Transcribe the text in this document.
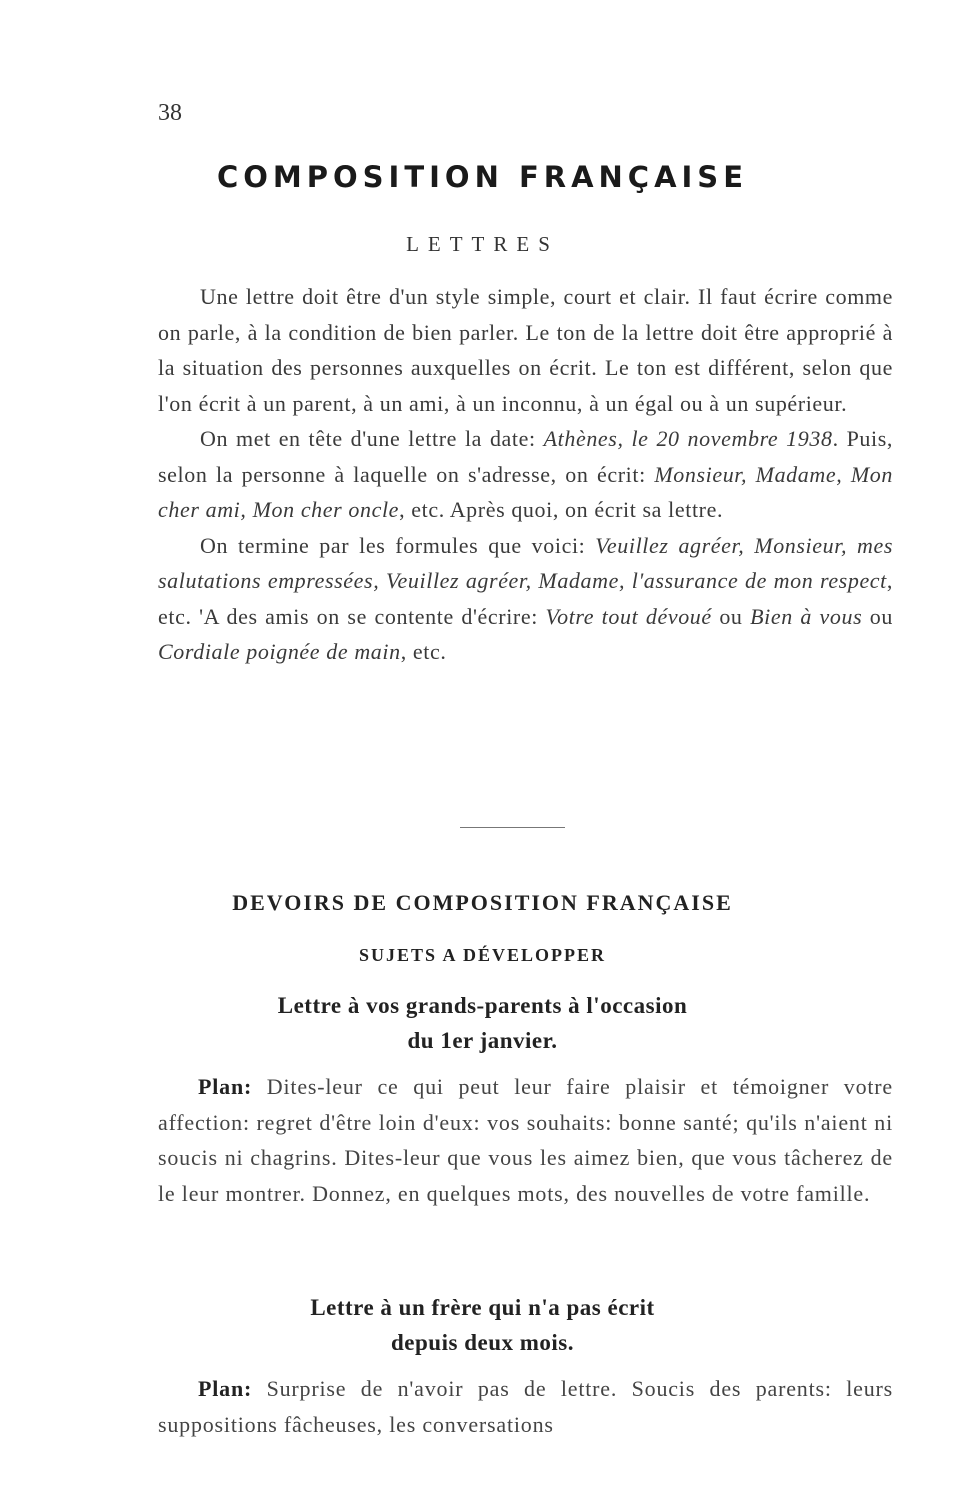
38
COMPOSITION FRANÇAISE
LETTRES

Une lettre doit être d'un style simple, court et clair. Il faut écrire comme on parle, à la condition de bien parler. Le ton de la lettre doit être approprié à la situation des personnes auxquelles on écrit. Le ton est différent, selon que l'on écrit à un parent, à un ami, à un inconnu, à un égal ou à un supérieur.

On met en tête d'une lettre la date: Athènes, le 20 novembre 1938. Puis, selon la personne à laquelle on s'adresse, on écrit: Monsieur, Madame, Mon cher ami, Mon cher oncle, etc. Après quoi, on écrit sa lettre.

On termine par les formules que voici: Veuillez agréer, Monsieur, mes salutations empressées, Veuillez agréer, Madame, l'assurance de mon respect, etc. 'A des amis on se contente d'écrire: Votre tout dévoué ou Bien à vous ou Cordiale poignée de main, etc.

DEVOIRS DE COMPOSITION FRANÇAISE
SUJETS A DÉVELOPPER
Lettre à vos grands-parents à l'occasion
du 1er janvier.

Plan: Dites-leur ce qui peut leur faire plaisir et témoigner votre affection: regret d'être loin d'eux: vos souhaits: bonne santé; qu'ils n'aient ni soucis ni chagrins. Dites-leur que vous les aimez bien, que vous tâcherez de le leur montrer. Donnez, en quelques mots, des nouvelles de votre famille.

Lettre à un frère qui n'a pas écrit
depuis deux mois.

Plan: Surprise de n'avoir pas de lettre. Soucis des parents: leurs suppositions fâcheuses, les conversations
